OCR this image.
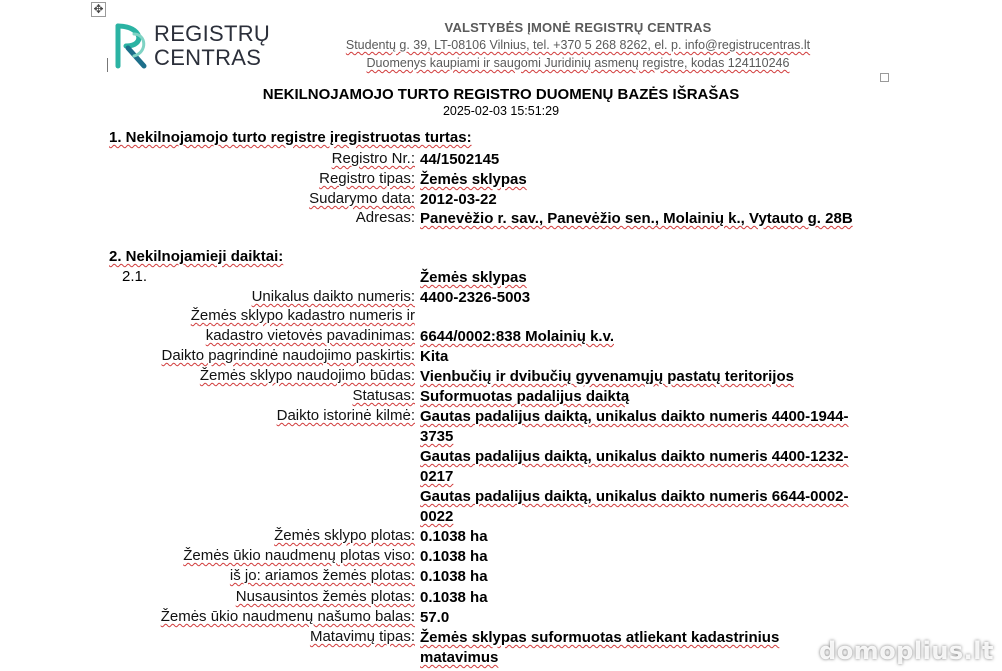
✥
REGISTRŲ
CENTRAS
VALSTYBĖS ĮMONĖ REGISTRŲ CENTRAS
Studentų g. 39, LT-08106 Vilnius, tel. +370 5 268 8262, el. p. info@registrucentras.lt
Duomenys kaupiami ir saugomi Juridinių asmenų registre, kodas 124110246
NEKILNOJAMOJO TURTO REGISTRO DUOMENŲ BAZĖS IŠRAŠAS
2025-02-03 15:51:29
1. Nekilnojamojo turto registre įregistruotas turtas:
Registro Nr.: 44/1502145
Registro tipas: Žemės sklypas
Sudarymo data: 2012-03-22
Adresas: Panevėžio r. sav., Panevėžio sen., Molainių k., Vytauto g. 28B
2. Nekilnojamieji daiktai:
2.1.	Žemės sklypas
Unikalus daikto numeris: 4400-2326-5003
Žemės sklypo kadastro numeris ir
kadastro vietovės pavadinimas: 6644/0002:838 Molainių k.v.
Daikto pagrindinė naudojimo paskirtis: Kita
Žemės sklypo naudojimo būdas: Vienbučių ir dvibučių gyvenamųjų pastatų teritorijos
Statusas: Suformuotas padalijus daiktą
Daikto istorinė kilmė: Gautas padalijus daiktą, unikalus daikto numeris 4400-1944-3735
Gautas padalijus daiktą, unikalus daikto numeris 4400-1232-0217
Gautas padalijus daiktą, unikalus daikto numeris 6644-0002-0022
Žemės sklypo plotas: 0.1038 ha
Žemės ūkio naudmenų plotas viso: 0.1038 ha
iš jo: ariamos žemės plotas: 0.1038 ha
Nusausintos žemės plotas: 0.1038 ha
Žemės ūkio naudmenų našumo balas: 57.0
Matavimų tipas: Žemės sklypas suformuotas atliekant kadastrinius matavimus	domoplius.lt
